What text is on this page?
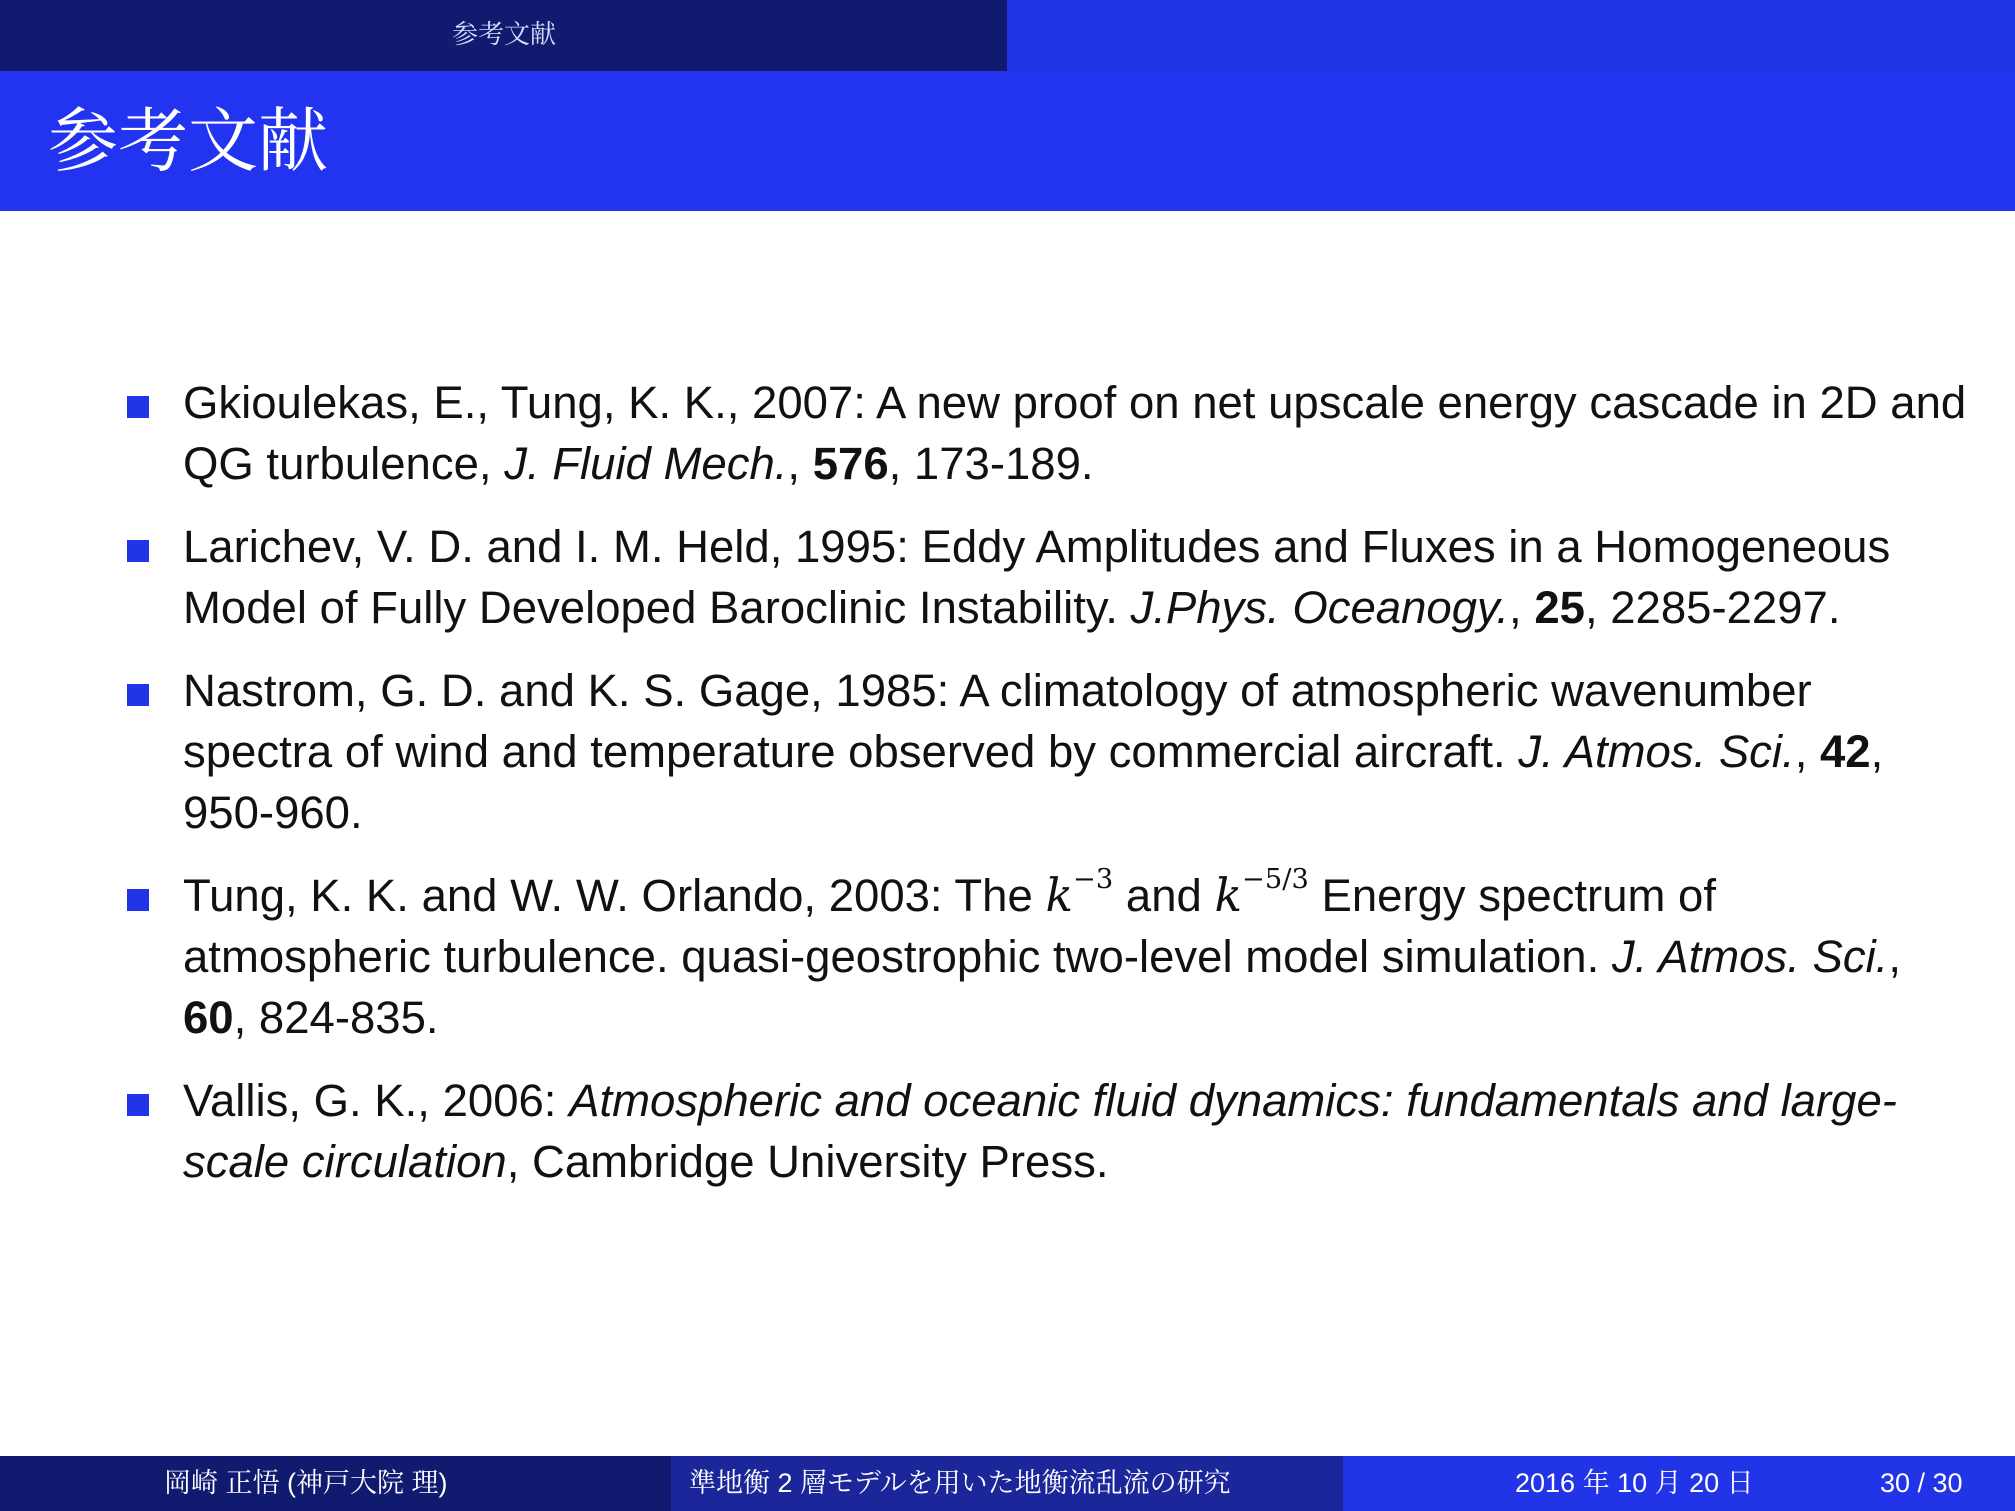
参考文献
参考文献
Gkioulekas, E., Tung, K. K., 2007: A new proof on net upscale energy cascade in 2D and QG turbulence, J. Fluid Mech., 576, 173-189.
Larichev, V. D. and I. M. Held, 1995: Eddy Amplitudes and Fluxes in a Homogeneous Model of Fully Developed Baroclinic Instability. J.Phys. Oceanogy., 25, 2285-2297.
Nastrom, G. D. and K. S. Gage, 1985: A climatology of atmospheric wavenumber spectra of wind and temperature observed by commercial aircraft. J. Atmos. Sci., 42, 950-960.
Tung, K. K. and W. W. Orlando, 2003: The $k^{-3}$ and $k^{-5/3}$ Energy spectrum of atmospheric turbulence. quasi-geostrophic two-level model simulation. J. Atmos. Sci., 60, 824-835.
Vallis, G. K., 2006: Atmospheric and oceanic fluid dynamics: fundamentals and large-scale circulation, Cambridge University Press.
岡崎 正悟 (神戸大院 理)	準地衡 2 層モデルを用いた地衡流乱流の研究	2016 年 10 月 20 日	30 / 30
